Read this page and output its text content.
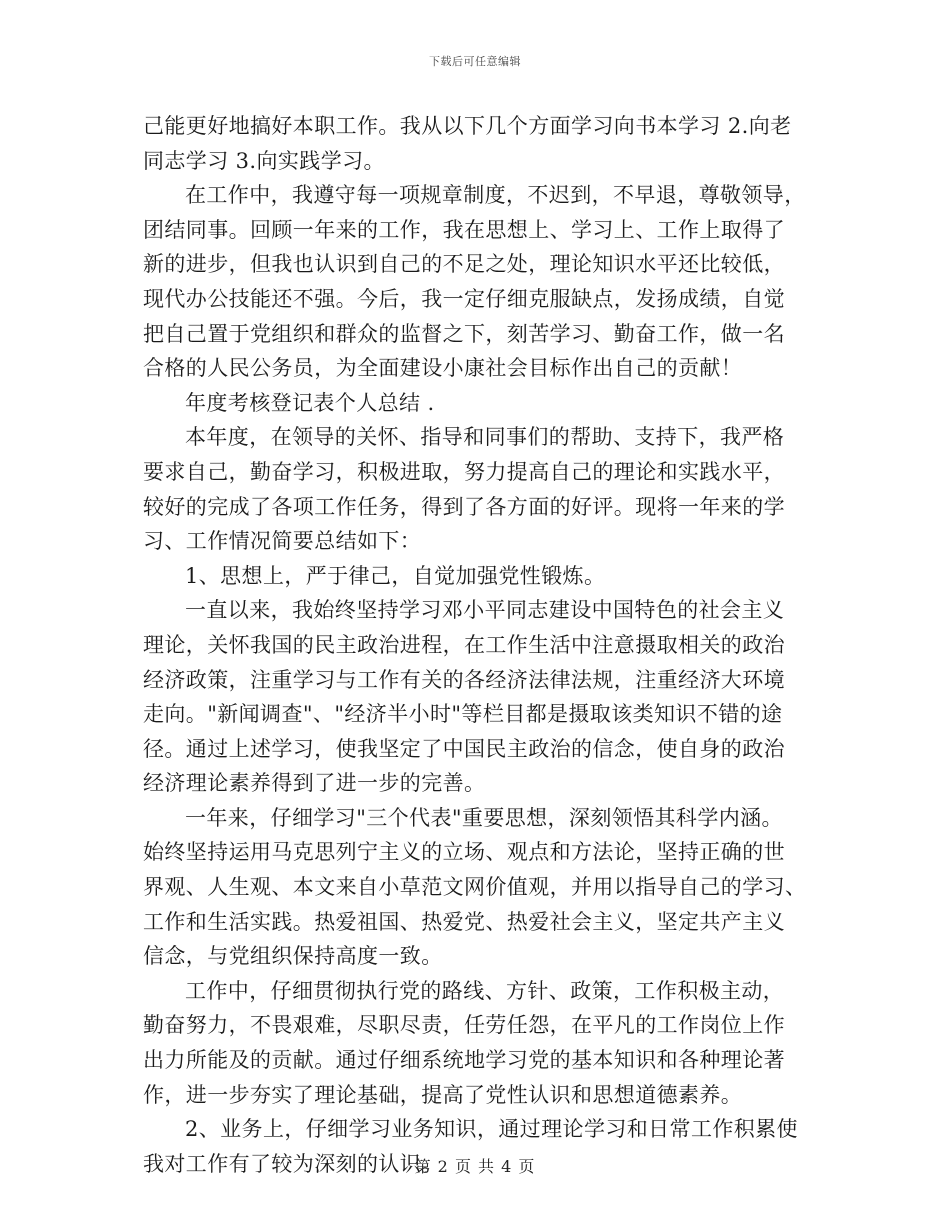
下载后可任意编辑
己能更好地搞好本职工作。我从以下几个方面学习向书本学习 2.向老
同志学习 3.向实践学习。
在工作中，我遵守每一项规章制度，不迟到，不早退，尊敬领导，
团结同事。回顾一年来的工作，我在思想上、学习上、工作上取得了
新的进步，但我也认识到自己的不足之处，理论知识水平还比较低，
现代办公技能还不强。今后，我一定仔细克服缺点，发扬成绩，自觉
把自己置于党组织和群众的监督之下，刻苦学习、勤奋工作，做一名
合格的人民公务员，为全面建设小康社会目标作出自己的贡献！
年度考核登记表个人总结 .
本年度，在领导的关怀、指导和同事们的帮助、支持下，我严格
要求自己，勤奋学习，积极进取，努力提高自己的理论和实践水平，
较好的完成了各项工作任务，得到了各方面的好评。现将一年来的学
习、工作情况简要总结如下：
1、思想上，严于律己，自觉加强党性锻炼。
一直以来，我始终坚持学习邓小平同志建设中国特色的社会主义
理论，关怀我国的民主政治进程，在工作生活中注意摄取相关的政治
经济政策，注重学习与工作有关的各经济法律法规，注重经济大环境
走向。"新闻调查"、"经济半小时"等栏目都是摄取该类知识不错的途
径。通过上述学习，使我坚定了中国民主政治的信念，使自身的政治
经济理论素养得到了进一步的完善。
一年来，仔细学习"三个代表"重要思想，深刻领悟其科学内涵。
始终坚持运用马克思列宁主义的立场、观点和方法论，坚持正确的世
界观、人生观、本文来自小草范文网价值观，并用以指导自己的学习、
工作和生活实践。热爱祖国、热爱党、热爱社会主义，坚定共产主义
信念，与党组织保持高度一致。
工作中，仔细贯彻执行党的路线、方针、政策，工作积极主动，
勤奋努力，不畏艰难，尽职尽责，任劳任怨，在平凡的工作岗位上作
出力所能及的贡献。通过仔细系统地学习党的基本知识和各种理论著
作，进一步夯实了理论基础，提高了党性认识和思想道德素养。
2、业务上，仔细学习业务知识，通过理论学习和日常工作积累使
我对工作有了较为深刻的认识。
第 2 页 共 4 页
